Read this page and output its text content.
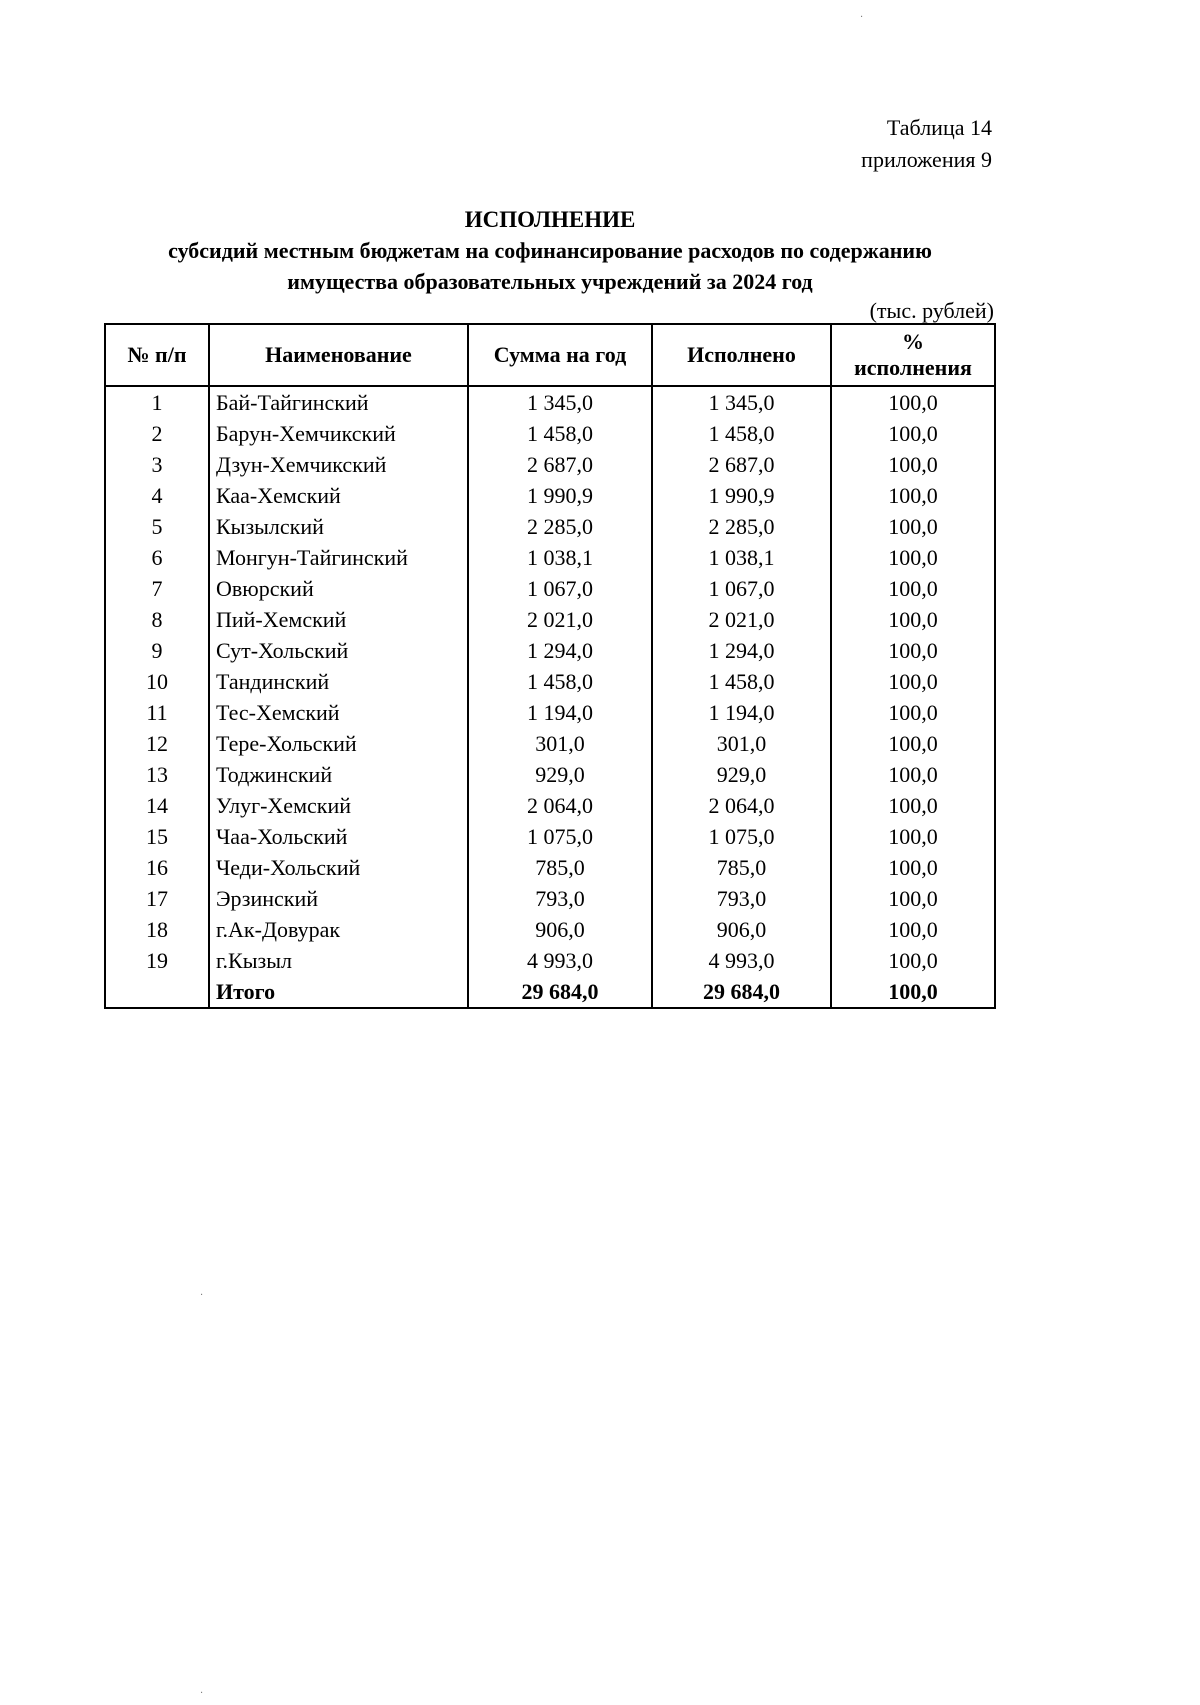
Таблица 14
приложения 9
ИСПОЛНЕНИЕ
субсидий местным бюджетам на софинансирование расходов по содержанию
имущества образовательных учреждений за 2024 год
(тыс. рублей)
№ п/п	Наименование	Сумма на год	Исполнено	%
исполнения

1	Бай-Тайгинский	1 345,0	1 345,0	100,0
2	Барун-Хемчикский	1 458,0	1 458,0	100,0
3	Дзун-Хемчикский	2 687,0	2 687,0	100,0
4	Каа-Хемский	1 990,9	1 990,9	100,0
5	Кызылский	2 285,0	2 285,0	100,0
6	Монгун-Тайгинский	1 038,1	1 038,1	100,0
7	Овюрский	1 067,0	1 067,0	100,0
8	Пий-Хемский	2 021,0	2 021,0	100,0
9	Сут-Хольский	1 294,0	1 294,0	100,0
10	Тандинский	1 458,0	1 458,0	100,0
11	Тес-Хемский	1 194,0	1 194,0	100,0
12	Тере-Хольский	301,0	301,0	100,0
13	Тоджинский	929,0	929,0	100,0
14	Улуг-Хемский	2 064,0	2 064,0	100,0
15	Чаа-Хольский	1 075,0	1 075,0	100,0
16	Чеди-Хольский	785,0	785,0	100,0
17	Эрзинский	793,0	793,0	100,0
18	г.Ак-Довурак	906,0	906,0	100,0
19	г.Кызыл	4 993,0	4 993,0	100,0
	Итого	29 684,0	29 684,0	100,0
·
·
·
